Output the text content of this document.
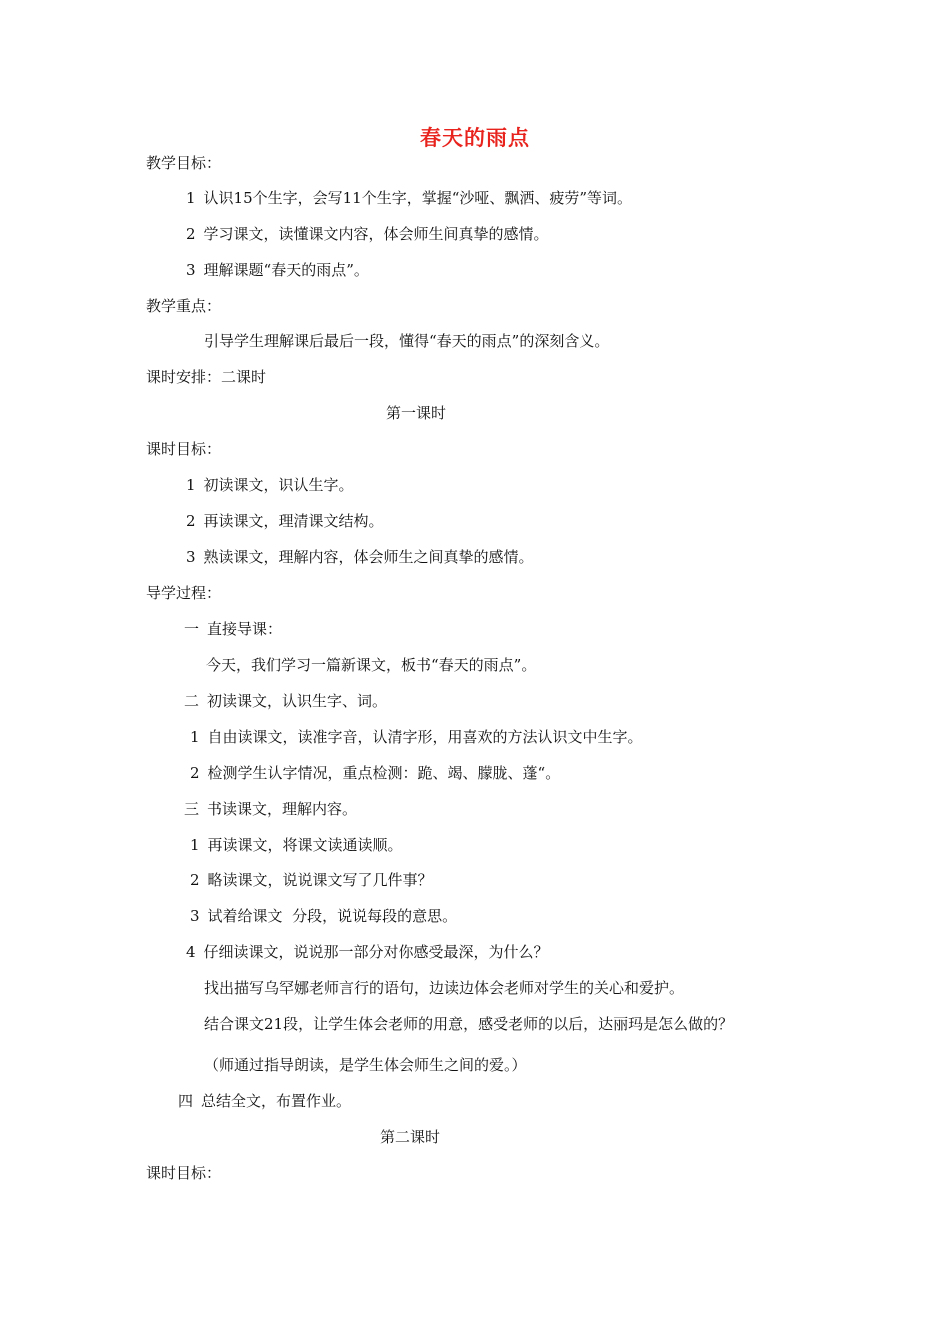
春天的雨点
教学目标：
1 认识15个生字，会写11个生字，掌握“沙哑、飘洒、疲劳”等词。
2 学习课文，读懂课文内容，体会师生间真挚的感情。
3 理解课题“春天的雨点”。
教学重点：
引导学生理解课后最后一段，懂得“春天的雨点”的深刻含义。
课时安排：二课时
第一课时
课时目标：
1 初读课文，识认生字。
2 再读课文，理清课文结构。
3 熟读课文，理解内容，体会师生之间真挚的感情。
导学过程：
一 直接导课：
今天，我们学习一篇新课文，板书“春天的雨点”。
二 初读课文，认识生字、词。
1 自由读课文，读准字音，认清字形，用喜欢的方法认识文中生字。
2 检测学生认字情况，重点检测：跪、竭、朦胧、蓬“。
三 书读课文，理解内容。
1 再读课文，将课文读通读顺。
2 略读课文，说说课文写了几件事？
3 试着给课文  分段，说说每段的意思。
4 仔细读课文，说说那一部分对你感受最深，为什么？
找出描写乌罕娜老师言行的语句，边读边体会老师对学生的关心和爱护。
结合课文21段，让学生体会老师的用意，感受老师的以后，达丽玛是怎么做的？
（师通过指导朗读，是学生体会师生之间的爱。）
四 总结全文，布置作业。
第二课时
课时目标：
